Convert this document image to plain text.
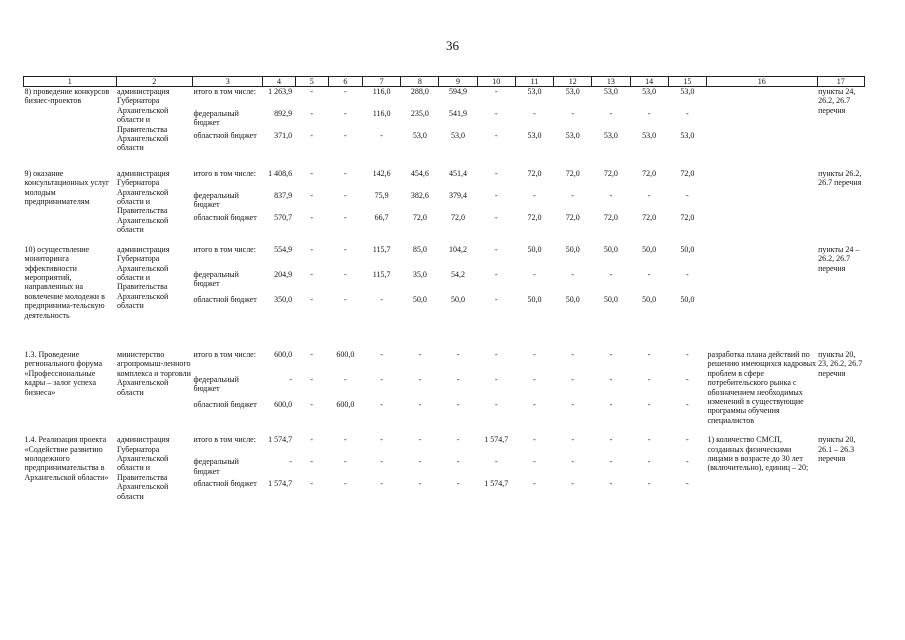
36
1	2	3	4	5	6	7	8	9	10	11	12	13	14	15	16	17
8) проведение конкурсов бизнес-проектов	администрация Губернатора Архангельской области и Правительства Архангельской области	итого в том числе:	1 263,9	-	-	116,0	288,0	594,9	-	53,0	53,0	53,0	53,0	53,0		пункты 24, 26.2, 26.7 перечня
		федеральный бюджет	892,9	-	-	116,0	235,0	541,9	-	-	-	-	-	-		
		областной бюджет	371,0	-	-	-	53,0	53,0	-	53,0	53,0	53,0	53,0	53,0		

9) оказание консультационных услуг молодым предпринимателям	администрация Губернатора Архангельской области и Правительства Архангельской области	итого в том числе:	1 408,6	-	-	142,6	454,6	451,4	-	72,0	72,0	72,0	72,0	72,0		пункты 26.2, 26.7 перечня
		федеральный бюджет	837,9	-	-	75,9	382,6	379,4	-	-	-	-	-	-		
		областной бюджет	570,7	-	-	66,7	72,0	72,0	-	72,0	72,0	72,0	72,0	72,0		

10) осуществление мониторинга эффективности мероприятий, направленных на вовлечение молодежи в предпринима-тельскую деятельность	администрация Губернатора Архангельской области и Правительства Архангельской области	итого в том числе:	554,9	-	-	115,7	85,0	104,2	-	50,0	50,0	50,0	50,0	50,0		пункты 24 – 26.2, 26.7 перечня
		федеральный бюджет	204,9	-	-	115,7	35,0	54,2	-	-	-	-	-	-		
		областной бюджет	350,0	-	-	-	50,0	50,0	-	50,0	50,0	50,0	50,0	50,0		

1.3. Проведение регионального форума «Профессиональные кадры – залог успеха бизнеса»	министерство агропромыш-ленного комплекса и торговли Архангельской области	итого в том числе:	600,0	-	600,0	-	-	-	-	-	-	-	-	-	разработка плана действий по решению имеющихся кадровых проблем в сфере потребительского рынка с обозначением необходимых изменений в существующие программы обучения специалистов	пункты 20, 23, 26.2, 26.7 перечня
		федеральный бюджет	-	-	-	-	-	-	-	-	-	-	-	-		
		областной бюджет	600,0	-	600,0	-	-	-	-	-	-	-	-	-		

1.4. Реализация проекта «Содействие развитию молодежного предпринимательства в Архангельской области»	администрация Губернатора Архангельской области и Правительства Архангельской области	итого в том числе:	1 574,7	-	-	-	-	-	1 574,7	-	-	-	-	-	1) количество СМСП, созданных физическими лицами в возрасте до 30 лет (включительно), единиц – 20;	пункты 20, 26.1 – 26.3 перечня
		федеральный бюджет	-	-	-	-	-	-	-	-	-	-	-	-		
		областной бюджет	1 574,7	-	-	-	-	-	1 574,7	-	-	-	-	-		
